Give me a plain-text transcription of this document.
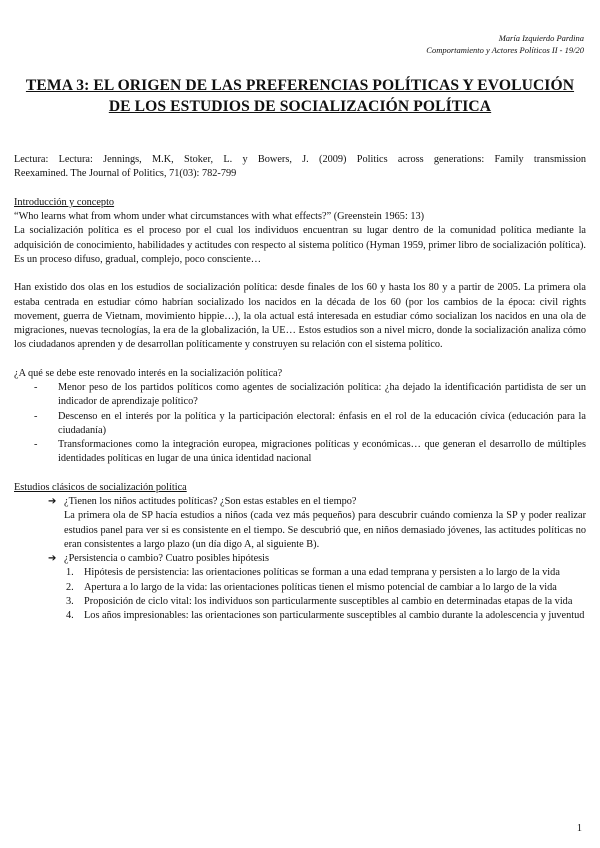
María Izquierdo Pardina
Comportamiento y Actores Políticos II - 19/20
TEMA 3: EL ORIGEN DE LAS PREFERENCIAS POLÍTICAS Y EVOLUCIÓN DE LOS ESTUDIOS DE SOCIALIZACIÓN POLÍTICA

Lectura: Lectura: Jennings, M.K, Stoker, L. y Bowers, J. (2009) Politics across generations: Family transmission

Reexamined. The Journal of Politics, 71(03): 782-799

Introducción y concepto

“Who learns what from whom under what circumstances with what effects?” (Greenstein 1965: 13)

La socialización política es el proceso por el cual los individuos encuentran su lugar dentro de la comunidad política mediante la adquisición de conocimiento, habilidades y actitudes con respecto al sistema político (Hyman 1959, primer libro de socialización política). Es un proceso difuso, gradual, complejo, poco consciente…

Han existido dos olas en los estudios de socialización política: desde finales de los 60 y hasta los 80 y a partir de 2005. La primera ola estaba centrada en estudiar cómo habrían socializado los nacidos en la década de los 60 (por los cambios de la época: civil rights movement, guerra de Vietnam, movimiento hippie…), la ola actual está interesada en estudiar cómo socializan los nacidos en una ola de migraciones, nuevas tecnologías, la era de la globalización, la UE… Estos estudios son a nivel micro, donde la socialización analiza cómo los ciudadanos aprenden y de desarrollan políticamente y construyen su relación con el sistema político.

¿A qué se debe este renovado interés en la socialización política?

- Menor peso de los partidos políticos como agentes de socialización política: ¿ha dejado la identificación partidista de ser un indicador de aprendizaje político?
- Descenso en el interés por la política y la participación electoral: énfasis en el rol de la educación cívica (educación para la ciudadanía)
- Transformaciones como la integración europea, migraciones políticas y económicas… que generan el desarrollo de múltiples identidades políticas en lugar de una única identidad nacional

Estudios clásicos de socialización política

➔ ¿Tienen los niños actitudes políticas? ¿Son estas estables en el tiempo?
La primera ola de SP hacía estudios a niños (cada vez más pequeños) para descubrir cuándo comienza la SP y poder realizar estudios panel para ver si es consistente en el tiempo. Se descubrió que, en niños demasiado jóvenes, las actitudes políticas no eran consistentes a largo plazo (un día digo A, al siguiente B).
➔ ¿Persistencia o cambio? Cuatro posibles hipótesis
1. Hipótesis de persistencia: las orientaciones políticas se forman a una edad temprana y persisten a lo largo de la vida
2. Apertura a lo largo de la vida: las orientaciones políticas tienen el mismo potencial de cambiar a lo largo de la vida
3. Proposición de ciclo vital: los individuos son particularmente susceptibles al cambio en determinadas etapas de la vida
4. Los años impresionables: las orientaciones son particularmente susceptibles al cambio durante la adolescencia y juventud
1
